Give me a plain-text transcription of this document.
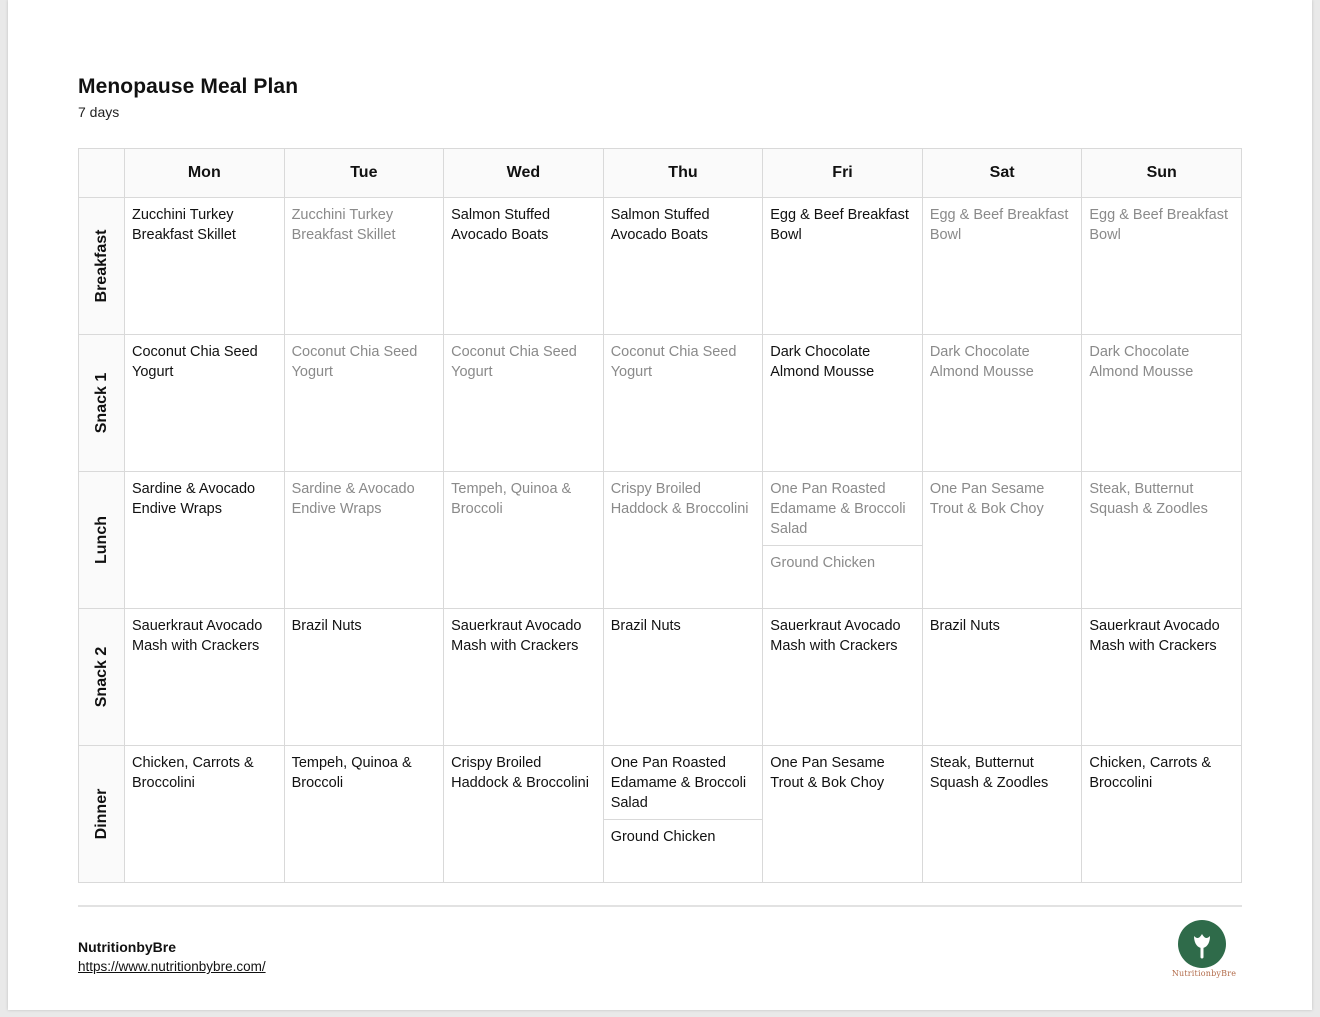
Menopause Meal Plan
7 days
	Mon	Tue	Wed	Thu	Fri	Sat	Sun

Breakfast	Zucchini Turkey Breakfast Skillet	Zucchini Turkey Breakfast Skillet	Salmon Stuffed Avocado Boats	Salmon Stuffed Avocado Boats	Egg & Beef Breakfast Bowl	Egg & Beef Breakfast Bowl	Egg & Beef Breakfast Bowl

Snack 1	Coconut Chia Seed Yogurt	Coconut Chia Seed Yogurt	Coconut Chia Seed Yogurt	Coconut Chia Seed Yogurt	Dark Chocolate Almond Mousse	Dark Chocolate Almond Mousse	Dark Chocolate Almond Mousse

Lunch	Sardine & Avocado Endive Wraps	Sardine & Avocado Endive Wraps	Tempeh, Quinoa & Broccoli	Crispy Broiled Haddock & Broccolini	One Pan Roasted Edamame & Broccoli Salad
Ground Chicken	One Pan Sesame Trout & Bok Choy	Steak, Butternut Squash & Zoodles

Snack 2	Sauerkraut Avocado Mash with Crackers	Brazil Nuts	Sauerkraut Avocado Mash with Crackers	Brazil Nuts	Sauerkraut Avocado Mash with Crackers	Brazil Nuts	Sauerkraut Avocado Mash with Crackers

Dinner	Chicken, Carrots & Broccolini	Tempeh, Quinoa & Broccoli	Crispy Broiled Haddock & Broccolini	One Pan Roasted Edamame & Broccoli Salad
Ground Chicken	One Pan Sesame Trout & Bok Choy	Steak, Butternut Squash & Zoodles	Chicken, Carrots & Broccolini
NutritionbyBre
https://www.nutritionbybre.com/	NutritionbyBre
